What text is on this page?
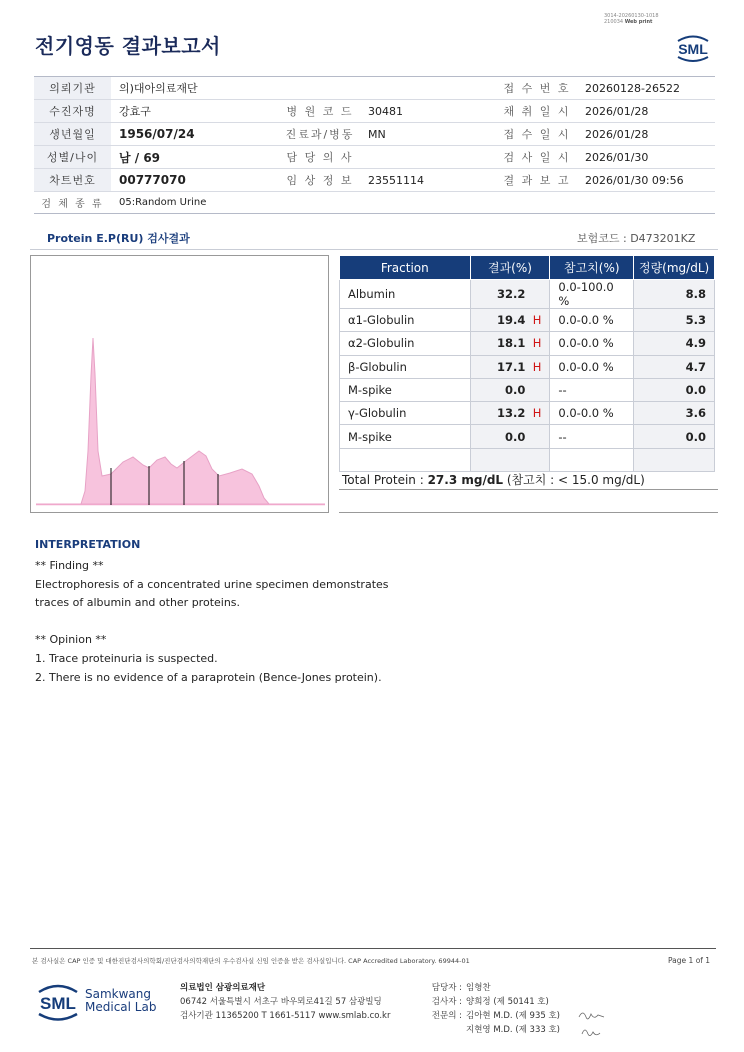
3014-20260130-1018
210034 Web print
전기영동 결과보고서	SML
의뢰기관	의)대아의료재단			접 수 번 호	20260128-26522
수진자명	강효구	병 원 코 드	30481	채 취 일 시	2026/01/28
생년월일	1956/07/24	진료과/병동	MN	접 수 일 시	2026/01/28
성별/나이	남 / 69	담 당 의 사		검 사 일 시	2026/01/30
차트번호	00777070	임 상 정 보	23551114	결 과 보 고	2026/01/30 09:56
검 체 종 류	05:Random Urine				
Protein E.P(RU) 검사결과	보험코드 : D473201KZ
Fraction	결과(%)	참고치(%)	정량(mg/dL)
Albumin	32.2	0.0-100.0 %	8.8
α1-Globulin	19.4 H	0.0-0.0 %	5.3
α2-Globulin	18.1 H	0.0-0.0 %	4.9
β-Globulin	17.1 H	0.0-0.0 %	4.7
M-spike	0.0	--	0.0
γ-Globulin	13.2 H	0.0-0.0 %	3.6
M-spike	0.0	--	0.0

Total Protein : 27.3 mg/dL (참고치 : < 15.0 mg/dL)
INTERPRETATION
** Finding **
Electrophoresis of a concentrated urine specimen demonstrates
traces of albumin and other proteins.

** Opinion **
1. Trace proteinuria is suspected.
2. There is no evidence of a paraprotein (Bence-Jones protein).
본 검사실은 CAP 인증 및 대한진단검사의학회/진단검사의학재단의 우수검사실 신임 인증을 받은 검사실입니다. CAP Accredited Laboratory. 69944-01	Page 1 of 1
SML Samkwang
Medical Lab
의료법인 삼광의료재단
06742 서울특별시 서초구 바우뫼로41길 57 삼광빌딩
검사기관 11365200 T 1661-5117 www.smlab.co.kr
담당자 : 임형찬
검사자 : 양희정 (제 50141 호)
전문의 : 김아현 M.D. (제 935 호)
지현영 M.D. (제 333 호)
